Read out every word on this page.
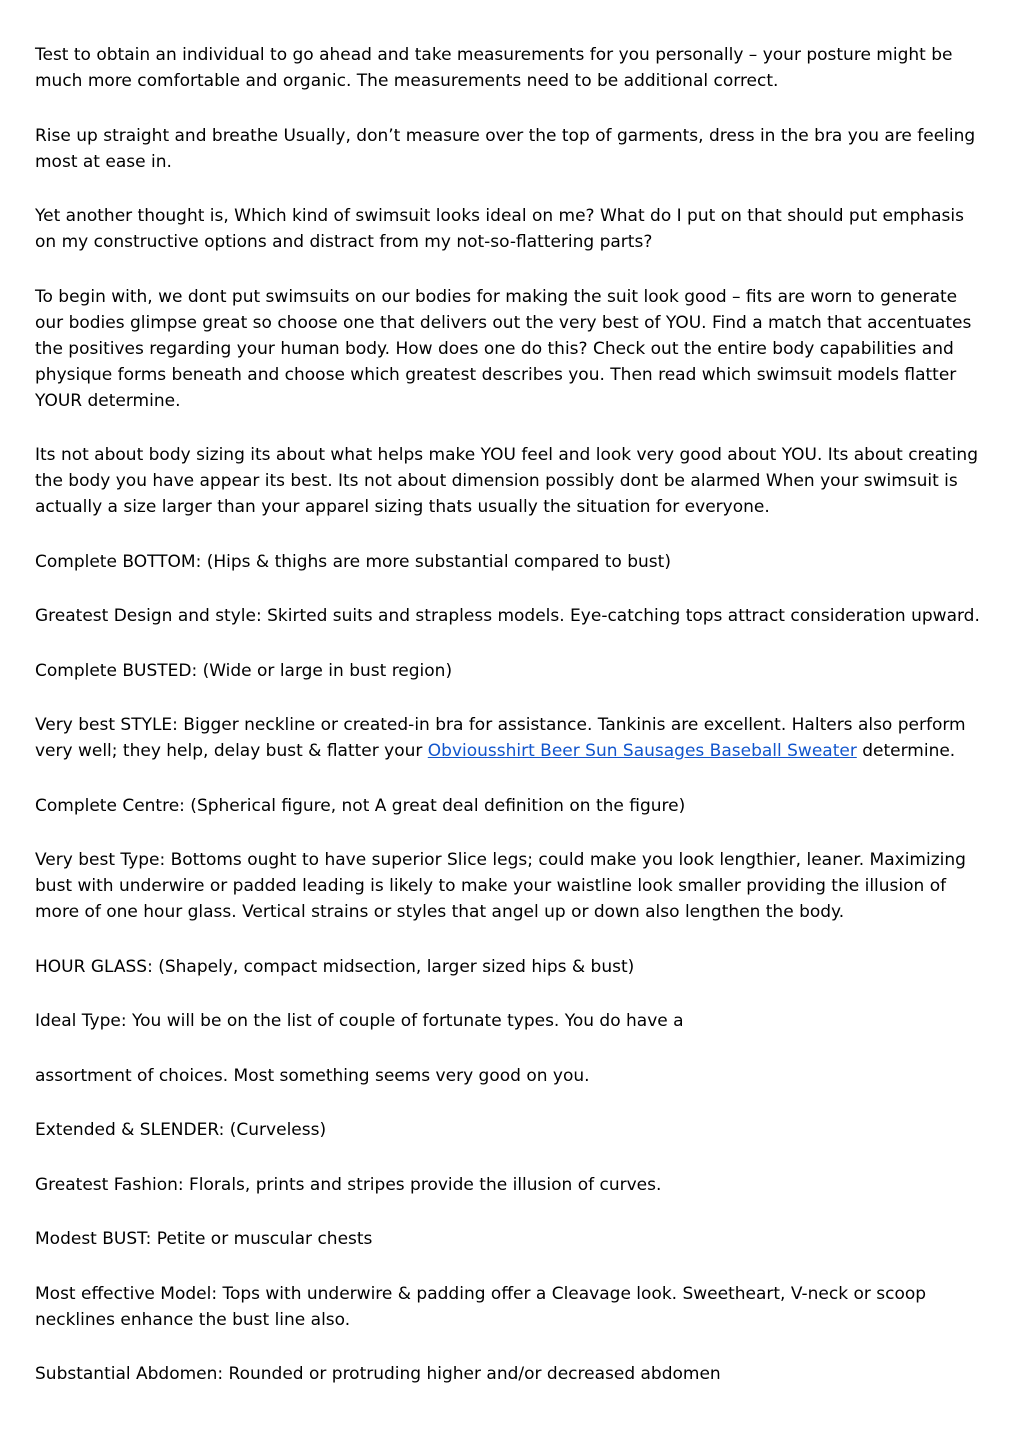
Test to obtain an individual to go ahead and take measurements for you personally – your posture might be much more comfortable and organic. The measurements need to be additional correct.

Rise up straight and breathe Usually, don’t measure over the top of garments, dress in the bra you are feeling most at ease in.

Yet another thought is, Which kind of swimsuit looks ideal on me? What do I put on that should put emphasis on my constructive options and distract from my not-so-flattering parts?

To begin with, we dont put swimsuits on our bodies for making the suit look good – fits are worn to generate our bodies glimpse great so choose one that delivers out the very best of YOU. Find a match that accentuates the positives regarding your human body. How does one do this? Check out the entire body capabilities and physique forms beneath and choose which greatest describes you. Then read which swimsuit models flatter YOUR determine.

Its not about body sizing its about what helps make YOU feel and look very good about YOU. Its about creating the body you have appear its best. Its not about dimension possibly dont be alarmed When your swimsuit is actually a size larger than your apparel sizing thats usually the situation for everyone.

Complete BOTTOM: (Hips & thighs are more substantial compared to bust)

Greatest Design and style: Skirted suits and strapless models. Eye-catching tops attract consideration upward.

Complete BUSTED: (Wide or large in bust region)

Very best STYLE: Bigger neckline or created-in bra for assistance. Tankinis are excellent. Halters also perform very well; they help, delay bust & flatter your Obviousshirt Beer Sun Sausages Baseball Sweater determine.

Complete Centre: (Spherical figure, not A great deal definition on the figure)

Very best Type: Bottoms ought to have superior Slice legs; could make you look lengthier, leaner. Maximizing bust with underwire or padded leading is likely to make your waistline look smaller providing the illusion of more of one hour glass. Vertical strains or styles that angel up or down also lengthen the body.

HOUR GLASS: (Shapely, compact midsection, larger sized hips & bust)

Ideal Type: You will be on the list of couple of fortunate types. You do have a

assortment of choices. Most something seems very good on you.

Extended & SLENDER: (Curveless)

Greatest Fashion: Florals, prints and stripes provide the illusion of curves.

Modest BUST: Petite or muscular chests

Most effective Model: Tops with underwire & padding offer a Cleavage look. Sweetheart, V-neck or scoop necklines enhance the bust line also.

Substantial Abdomen: Rounded or protruding higher and/or decreased abdomen
